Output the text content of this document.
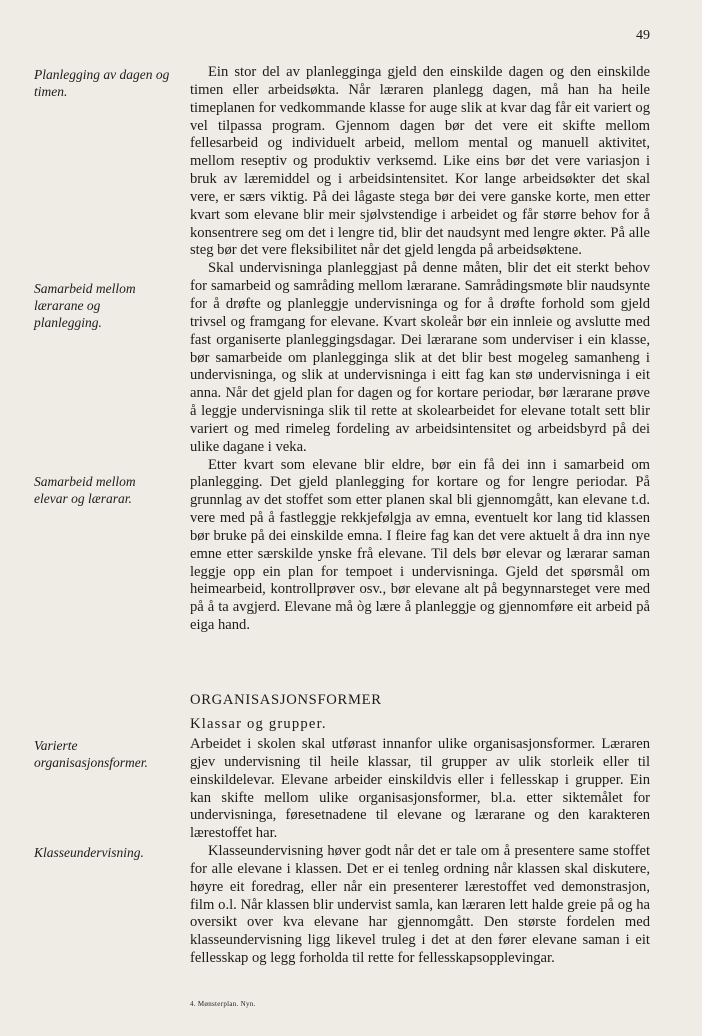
49
Planlegging av dagen og timen.
Samarbeid mellom lærarane og planlegging.
Samarbeid mellom elevar og lærarar.
Varierte organisasjonsformer.
Klasseundervisning.

Ein stor del av planlegginga gjeld den einskilde dagen og den einskilde timen eller arbeidsøkta. Når læraren planlegg dagen, må han ha heile timeplanen for vedkommande klasse for auge slik at kvar dag får eit variert og vel tilpassa program. Gjennom dagen bør det vere eit skifte mellom fellesarbeid og individuelt arbeid, mellom mental og manuell aktivitet, mellom reseptiv og produktiv verksemd. Like eins bør det vere variasjon i bruk av læremiddel og i arbeidsintensitet. Kor lange arbeidsøkter det skal vere, er særs viktig. På dei lågaste stega bør dei vere ganske korte, men etter kvart som elevane blir meir sjølvstendige i arbeidet og får større behov for å konsentrere seg om det i lengre tid, blir det naudsynt med lengre økter. På alle steg bør det vere fleksibilitet når det gjeld lengda på arbeidsøktene.

Skal undervisninga planleggjast på denne måten, blir det eit sterkt behov for samarbeid og samråding mellom lærarane. Samrådingsmøte blir naudsynte for å drøfte og planleggje undervisninga og for å drøfte forhold som gjeld trivsel og framgang for elevane. Kvart skoleår bør ein innleie og avslutte med fast organiserte planleggingsdagar. Dei lærarane som underviser i ein klasse, bør samarbeide om planlegginga slik at det blir best mogeleg samanheng i undervisninga, og slik at undervisninga i eitt fag kan stø undervisninga i eit anna. Når det gjeld plan for dagen og for kortare periodar, bør lærarane prøve å leggje undervisninga slik til rette at skolearbeidet for elevane totalt sett blir variert og med rimeleg fordeling av arbeidsintensitet og arbeidsbyrd på dei ulike dagane i veka.

Etter kvart som elevane blir eldre, bør ein få dei inn i samarbeid om planlegging. Det gjeld planlegging for kortare og for lengre periodar. På grunnlag av det stoffet som etter planen skal bli gjennomgått, kan elevane t.d. vere med på å fastleggje rekkjefølgja av emna, eventuelt kor lang tid klassen bør bruke på dei einskilde emna. I fleire fag kan det vere aktuelt å dra inn nye emne etter særskilde ynske frå elevane. Til dels bør elevar og lærarar saman leggje opp ein plan for tempoet i undervisninga. Gjeld det spørsmål om heimearbeid, kontrollprøver osv., bør elevane alt på begynnarsteget vere med på å ta avgjerd. Elevane må òg lære å planleggje og gjennomføre eit arbeid på eiga hand.

ORGANISASJONSFORMER
Klassar og grupper.

Arbeidet i skolen skal utførast innanfor ulike organisasjonsformer. Læraren gjev undervisning til heile klassar, til grupper av ulik storleik eller til einskildelevar. Elevane arbeider einskildvis eller i fellesskap i grupper. Ein kan skifte mellom ulike organisasjonsformer, bl.a. etter siktemålet for undervisninga, føresetnadene til elevane og lærarane og den karakteren lærestoffet har.

Klasseundervisning høver godt når det er tale om å presentere same stoffet for alle elevane i klassen. Det er ei tenleg ordning når klassen skal diskutere, høyre eit foredrag, eller når ein presenterer lærestoffet ved demonstrasjon, film o.l. Når klassen blir undervist samla, kan læraren lett halde greie på og ha oversikt over kva elevane har gjennomgått. Den største fordelen med klasseundervisning ligg likevel truleg i det at den fører elevane saman i eit fellesskap og legg forholda til rette for fellesskapsopplevingar.

4. Mønsterplan. Nyn.
